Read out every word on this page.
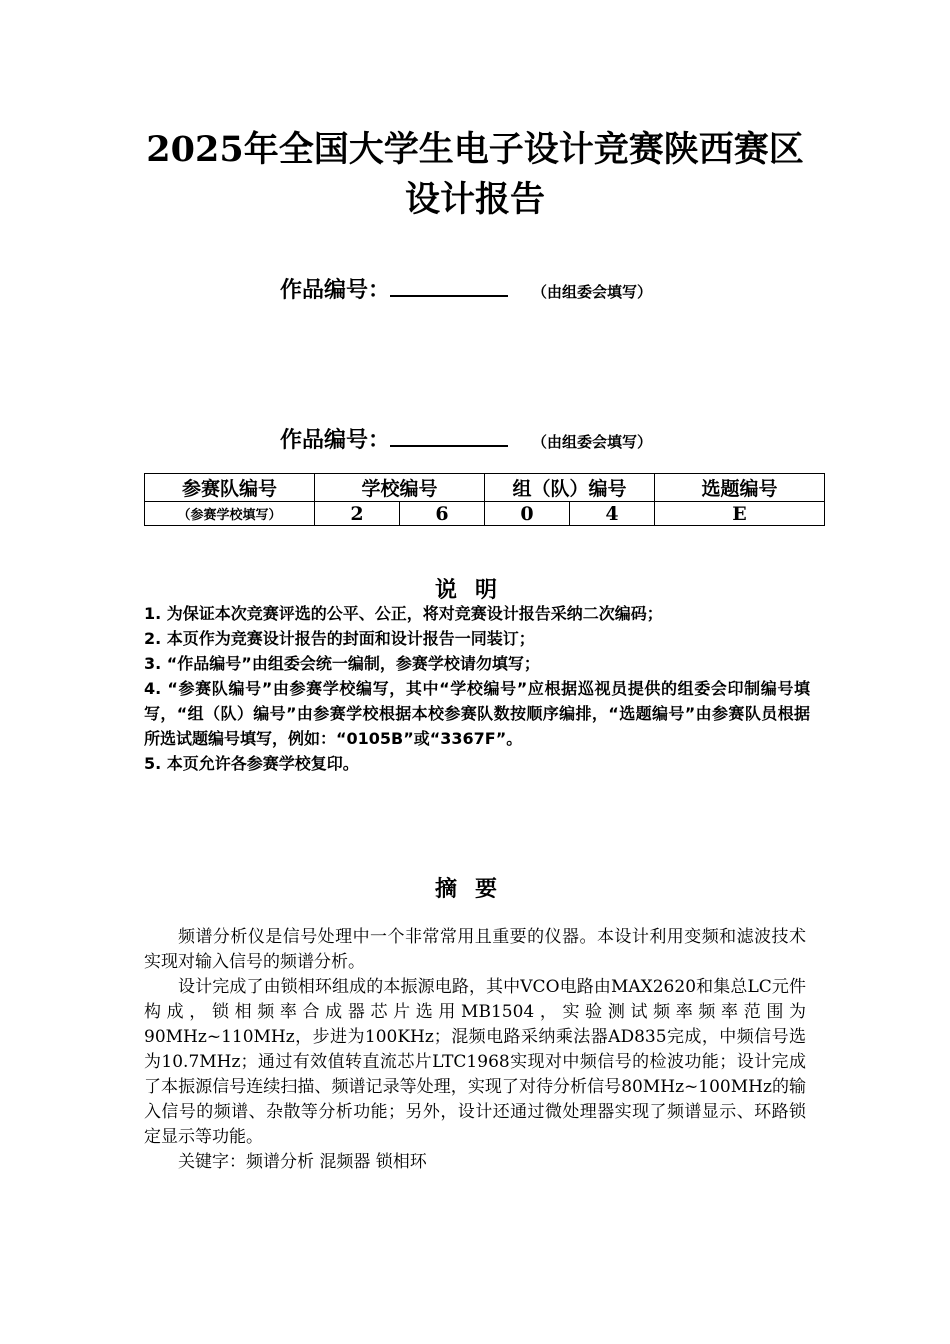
2025年全国大学生电子设计竞赛陕西赛区
设计报告
作品编号：	（由组委会填写）
作品编号：	（由组委会填写）
参赛队编号	学校编号		组（队）编号		选题编号
（参赛学校填写）	2	6	0	4	E
说明

1. 为保证本次竞赛评选的公平、公正，将对竞赛设计报告采纳二次编码；

2. 本页作为竞赛设计报告的封面和设计报告一同装订；

3. “作品编号”由组委会统一编制，参赛学校请勿填写；

4. “参赛队编号”由参赛学校编写，其中“学校编号”应根据巡视员提供的组委会印制编号填写，“组（队）编号”由参赛学校根据本校参赛队数按顺序编排，“选题编号”由参赛队员根据所选试题编号填写，例如：“0105B”或“3367F”。

5. 本页允许各参赛学校复印。

摘要

频谱分析仪是信号处理中一个非常常用且重要的仪器。本设计利用变频和滤波技术实现对输入信号的频谱分析。

设计完成了由锁相环组成的本振源电路，其中VCO电路由MAX2620和集总LC元件构成，锁相频率合成器芯片选用MB1504，实验测试频率频率范围为90MHz~110MHz，步进为100KHz；混频电路采纳乘法器AD835完成，中频信号选为10.7MHz；通过有效值转直流芯片LTC1968实现对中频信号的检波功能；设计完成了本振源信号连续扫描、频谱记录等处理，实现了对待分析信号80MHz~100MHz的输入信号的频谱、杂散等分析功能；另外，设计还通过微处理器实现了频谱显示、环路锁定显示等功能。

关键字：频谱分析 混频器 锁相环
